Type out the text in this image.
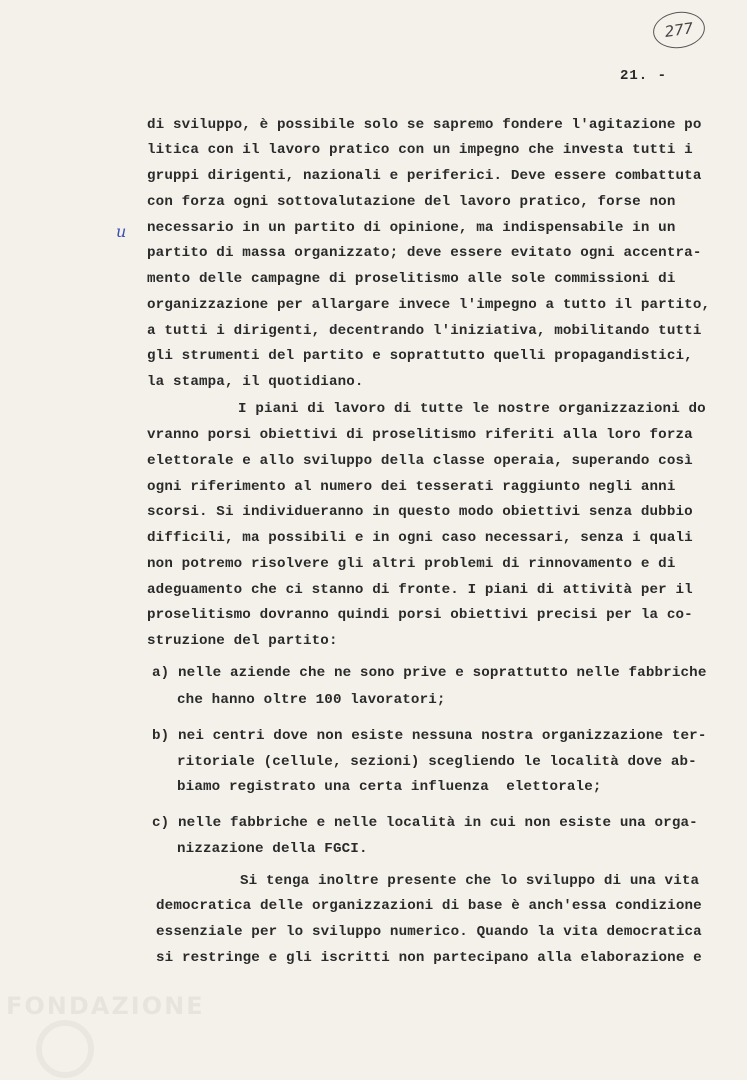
277
21. -
u
di sviluppo, è possibile solo se sapremo fondere l'agitazione po
litica con il lavoro pratico con un impegno che investa tutti i
gruppi dirigenti, nazionali e periferici. Deve essere combattuta
con forza ogni sottovalutazione del lavoro pratico, forse non
necessario in un partito di opinione, ma indispensabile in un
partito di massa organizzato; deve essere evitato ogni accentra-
mento delle campagne di proselitismo alle sole commissioni di
organizzazione per allargare invece l'impegno a tutto il partito,
a tutti i dirigenti, decentrando l'iniziativa, mobilitando tutti
gli strumenti del partito e soprattutto quelli propagandistici,
la stampa, il quotidiano.
I piani di lavoro di tutte le nostre organizzazioni do
vranno porsi obiettivi di proselitismo riferiti alla loro forza
elettorale e allo sviluppo della classe operaia, superando così
ogni riferimento al numero dei tesserati raggiunto negli anni
scorsi. Si individueranno in questo modo obiettivi senza dubbio
difficili, ma possibili e in ogni caso necessari, senza i quali
non potremo risolvere gli altri problemi di rinnovamento e di
adeguamento che ci stanno di fronte. I piani di attività per il
proselitismo dovranno quindi porsi obiettivi precisi per la co-
struzione del partito:
a) nelle aziende che ne sono prive e soprattutto nelle fabbriche
che hanno oltre 100 lavoratori;
b) nei centri dove non esiste nessuna nostra organizzazione ter-
ritoriale (cellule, sezioni) scegliendo le località dove ab-
biamo registrato una certa influenza  elettorale;
c) nelle fabbriche e nelle località in cui non esiste una orga-
nizzazione della FGCI.
Si tenga inoltre presente che lo sviluppo di una vita
democratica delle organizzazioni di base è anch'essa condizione
essenziale per lo sviluppo numerico. Quando la vita democratica
si restringe e gli iscritti non partecipano alla elaborazione e
FONDAZIONE
